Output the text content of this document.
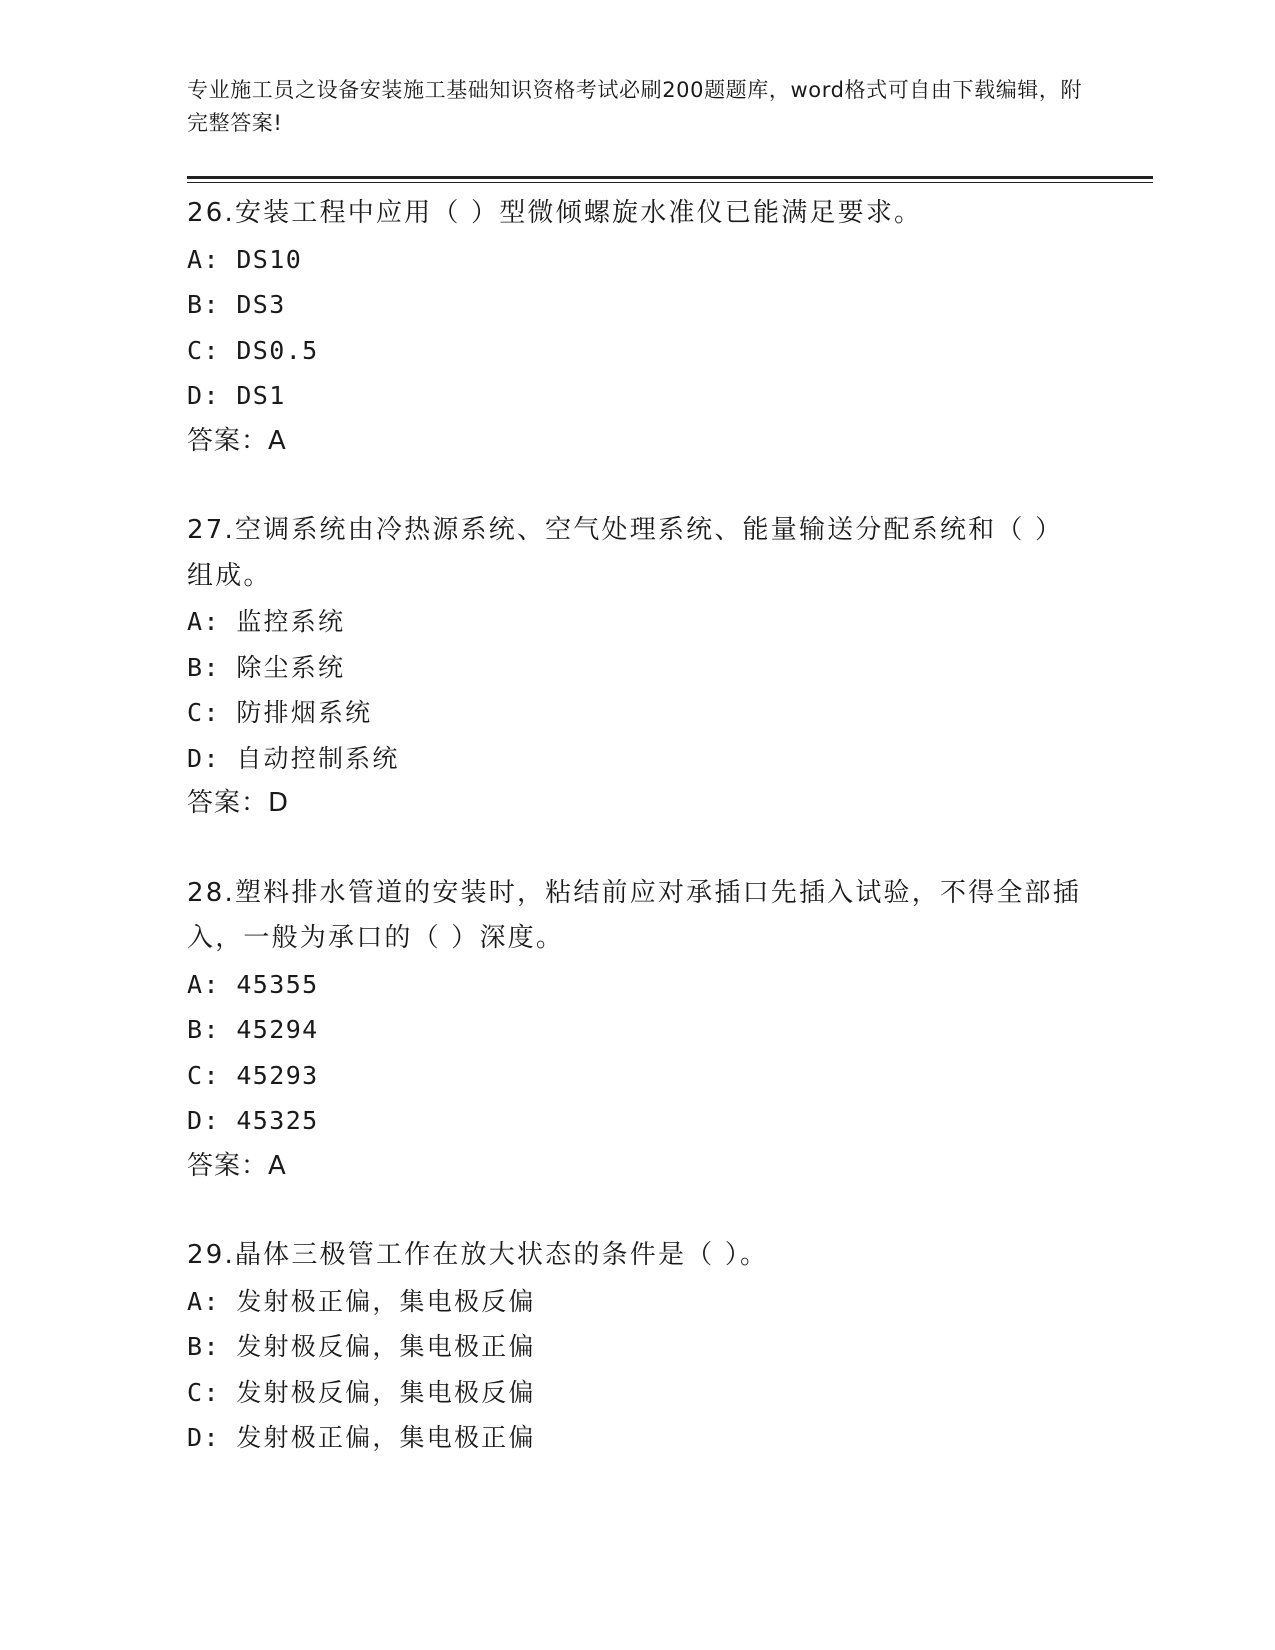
专业施工员之设备安装施工基础知识资格考试必刷200题题库，word格式可自由下载编辑，附完整答案!

26.安装工程中应用（ ）型微倾螺旋水准仪已能满足要求。

A: DS10

B: DS3

C: DS0.5

D: DS1

答案：A

27.空调系统由冷热源系统、空气处理系统、能量输送分配系统和（ ）组成。

A: 监控系统

B: 除尘系统

C: 防排烟系统

D: 自动控制系统

答案：D

28.塑料排水管道的安装时，粘结前应对承插口先插入试验，不得全部插入，一般为承口的（ ）深度。

A: 45355

B: 45294

C: 45293

D: 45325

答案：A

29.晶体三极管工作在放大状态的条件是（ ）。

A: 发射极正偏，集电极反偏

B: 发射极反偏，集电极正偏

C: 发射极反偏，集电极反偏

D: 发射极正偏，集电极正偏
